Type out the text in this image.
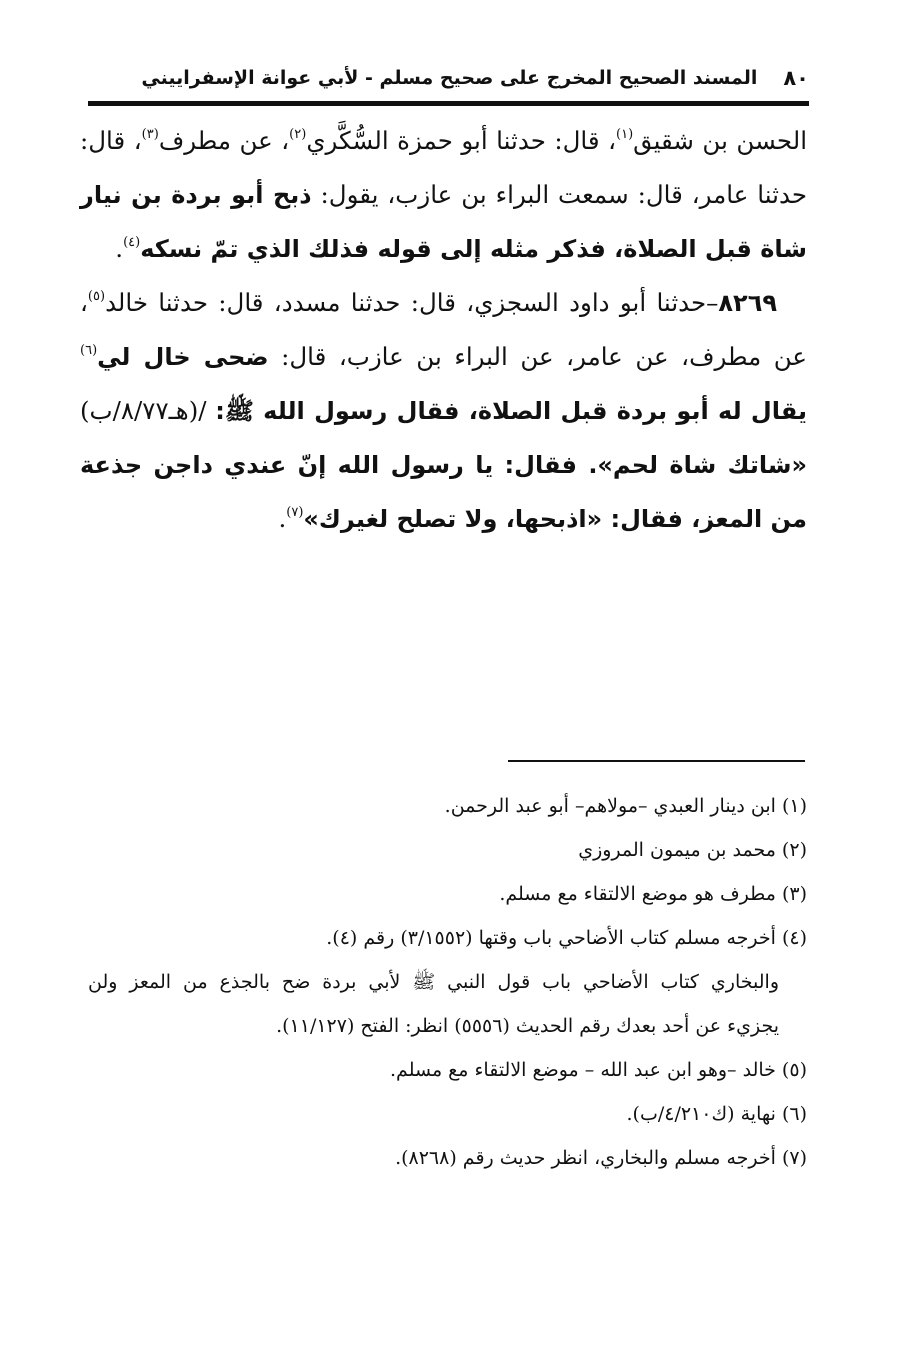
٨٠
المسند الصحيح المخرج على صحيح مسلم - لأبي عوانة الإسفراييني

الحسن بن شقيق$^{(١)}$، قال: حدثنا أبو حمزة السُّكَّري$^{(٢)}$، عن مطرف$^{(٣)}$، قال: حدثنا عامر، قال: سمعت البراء بن عازب، يقول: ذبح أبو بردة بن نيار شاة قبل الصلاة، فذكر مثله إلى قوله فذلك الذي تمّ نسكه$^{(٤)}$.

٨٢٦٩–حدثنا أبو داود السجزي، قال: حدثنا مسدد، قال: حدثنا خالد$^{(٥)}$، عن مطرف، عن عامر، عن البراء بن عازب، قال: ضحى خال لي$^{(٦)}$ يقال له أبو بردة قبل الصلاة، فقال رسول الله ﷺ: /(هـ٨/٧٧/ب) «شاتك شاة لحم». فقال: يا رسول الله إنّ عندي داجن جذعة من المعز، فقال: «اذبحها، ولا تصلح لغيرك»$^{(٧)}$.

(١) ابن دينار العبدي –مولاهم– أبو عبد الرحمن.

(٢) محمد بن ميمون المروزي

(٣) مطرف هو موضع الالتقاء مع مسلم.

(٤) أخرجه مسلم كتاب الأضاحي باب وقتها (٣/١٥٥٢) رقم (٤).

والبخاري كتاب الأضاحي باب قول النبي ﷺ لأبي بردة ضح بالجذع من المعز ولن

يجزيء عن أحد بعدك رقم الحديث (٥٥٥٦) انظر: الفتح (١١/١٢٧).

(٥) خالد –وهو ابن عبد الله – موضع الالتقاء مع مسلم.

(٦) نهاية (ك٤/٢١٠/ب).

(٧) أخرجه مسلم والبخاري، انظر حديث رقم (٨٢٦٨).
